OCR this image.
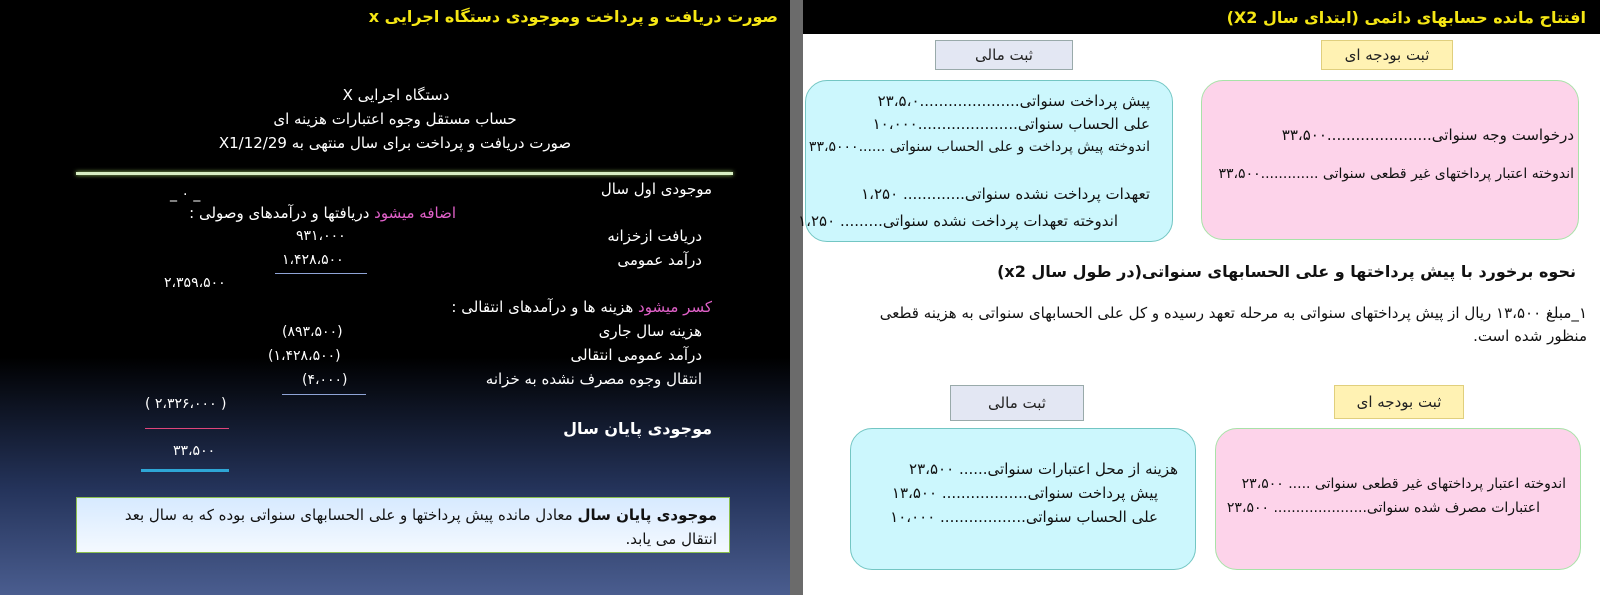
صورت دریافت و پرداخت وموجودی دستگاه اجرایی x
دستگاه اجرایی X
حساب مستقل وجوه اعتبارات هزینه ای
صورت دریافت و پرداخت برای سال منتهی به X1/12/29
موجودی اول سال
_ ۰ _
اضافه میشود دریافتها و درآمدهای وصولی :
دریافت ازخزانه
۹۳۱،۰۰۰
درآمد عمومی
۱،۴۲۸،۵۰۰
۲،۳۵۹،۵۰۰
کسر میشود هزینه ها و درآمدهای انتقالی :
هزینه سال جاری
(۸۹۳،۵۰۰)
درآمد عمومی انتقالی
(۱،۴۲۸،۵۰۰)
انتقال وجوه مصرف نشده به خزانه
(۴،۰۰۰)
( ۲،۳۲۶،۰۰۰ )
موجودی پایان سال
۳۳،۵۰۰
موجودی پایان سال معادل مانده پیش پرداختها و علی الحسابهای سنواتی بوده که به سال بعد انتقال می یابد.
افتتاح مانده حسابهای دائمی (ابتدای سال X2)
ثبت مالی	ثبت بودجه ای
پیش پرداخت سنواتی.....................۲۳،۵،۰
علی الحساب سنواتی.....................۱۰،۰۰۰
اندوخته پیش پرداخت و علی الحساب سنواتی ......۳۳،۵۰۰۰
تعهدات پرداخت نشده سنواتی............. ۱،۲۵۰
اندوخته تعهدات پرداخت نشده سنواتی......... ۱،۲۵۰
درخواست وجه سنواتی......................۳۳،۵۰۰
اندوخته اعتبار پرداختهای غیر قطعی سنواتی .............۳۳،۵۰۰
نحوه برخورد با پیش پرداختها و علی الحسابهای سنواتی(در طول سال x2)
۱_مبلغ ۱۳،۵۰۰ ریال از پیش پرداختهای سنواتی به مرحله تعهد رسیده و کل علی الحسابهای سنواتی به هزینه قطعی منظور شده است.
ثبت مالی	ثبت بودجه ای
هزینه از محل اعتبارات سنواتی...... ۲۳،۵۰۰
پیش پرداخت سنواتی.................. ۱۳،۵۰۰
علی الحساب سنواتی.................. ۱۰،۰۰۰
اندوخته اعتبار پرداختهای غیر قطعی سنواتی ..... ۲۳،۵۰۰
اعتبارات مصرف شده سنواتی..................... ۲۳،۵۰۰
